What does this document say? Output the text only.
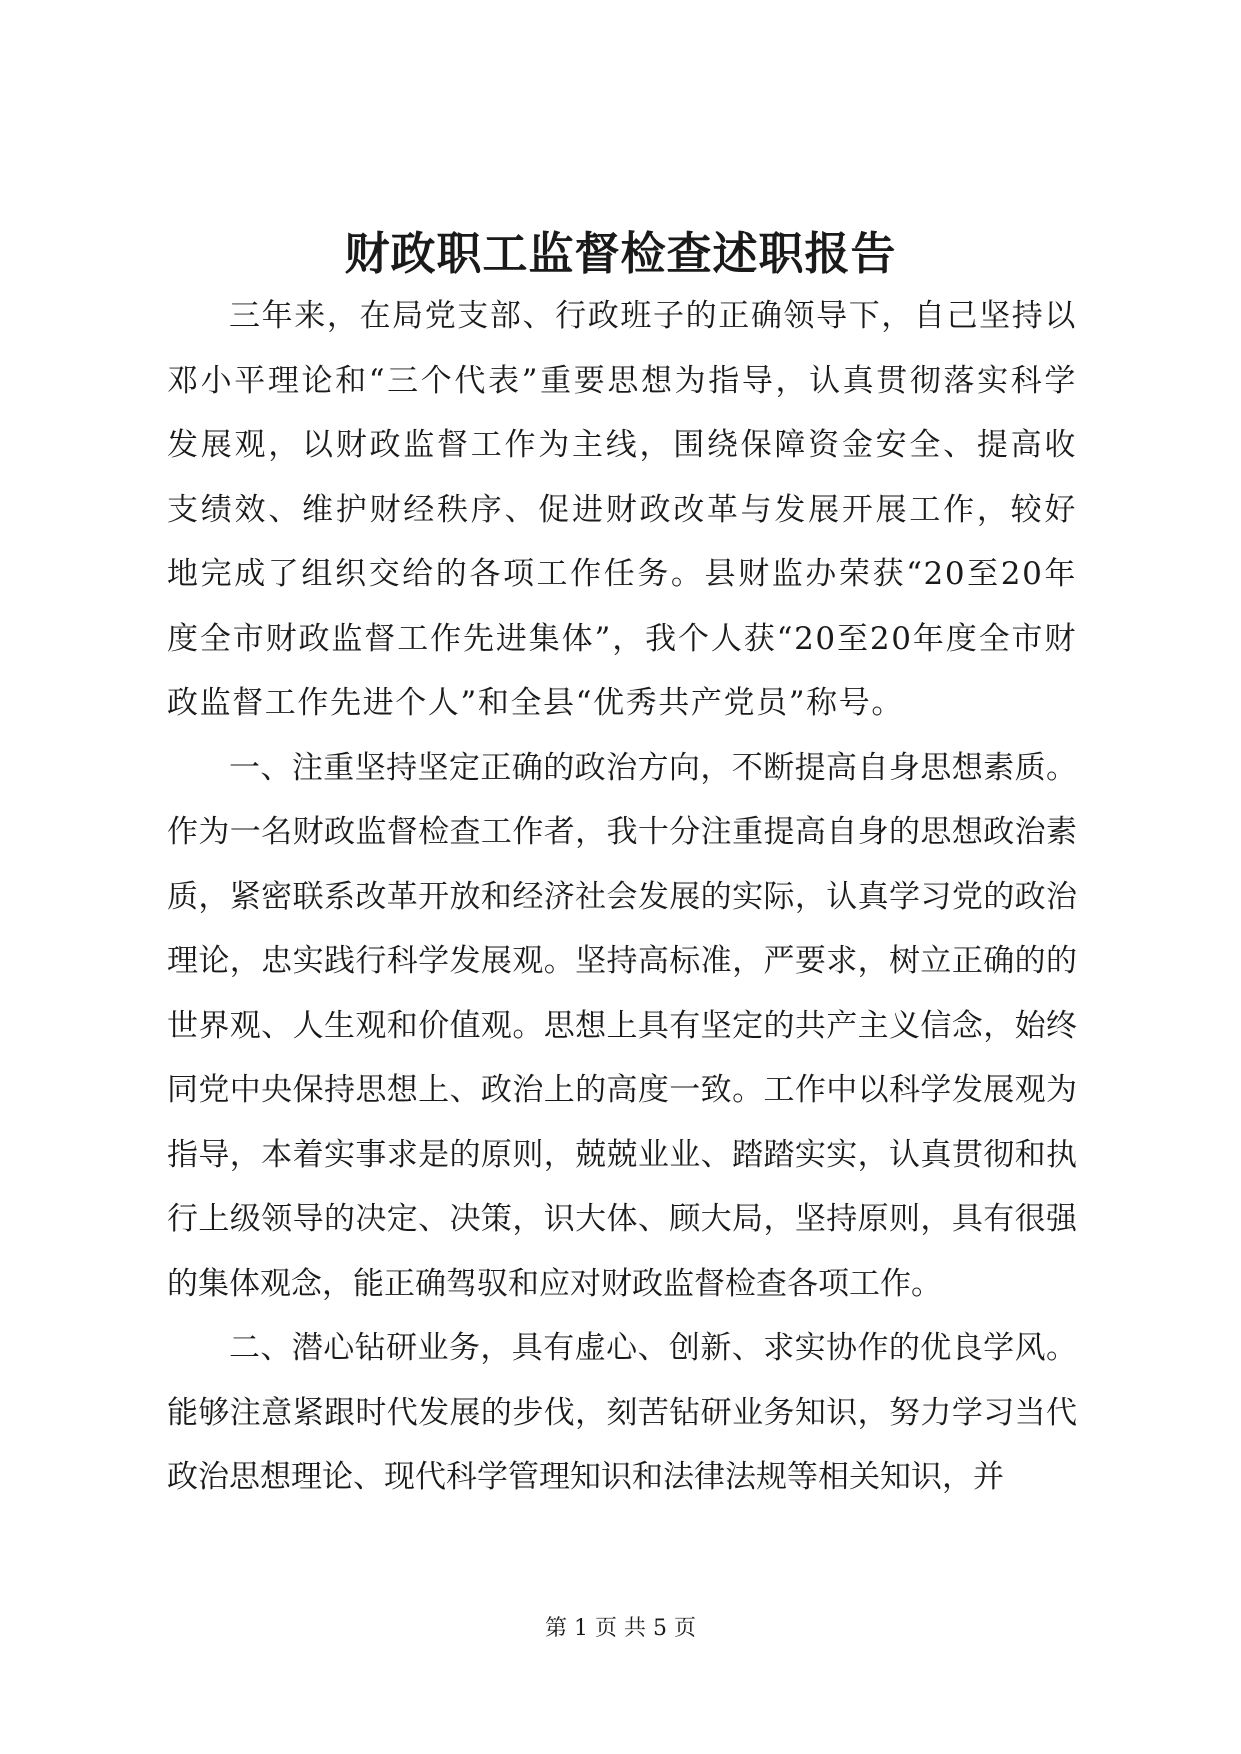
财政职工监督检查述职报告

三年来，在局党支部、行政班子的正确领导下，自己坚持以邓小平理论和“三个代表”重要思想为指导，认真贯彻落实科学发展观，以财政监督工作为主线，围绕保障资金安全、提高收支绩效、维护财经秩序、促进财政改革与发展开展工作，较好地完成了组织交给的各项工作任务。县财监办荣获“20至20年度全市财政监督工作先进集体”，我个人获“20至20年度全市财政监督工作先进个人”和全县“优秀共产党员”称号。

一、注重坚持坚定正确的政治方向，不断提高自身思想素质。作为一名财政监督检查工作者，我十分注重提高自身的思想政治素质，紧密联系改革开放和经济社会发展的实际，认真学习党的政治理论，忠实践行科学发展观。坚持高标准，严要求，树立正确的的世界观、人生观和价值观。思想上具有坚定的共产主义信念，始终同党中央保持思想上、政治上的高度一致。工作中以科学发展观为指导，本着实事求是的原则，兢兢业业、踏踏实实，认真贯彻和执行上级领导的决定、决策，识大体、顾大局，坚持原则，具有很强的集体观念，能正确驾驭和应对财政监督检查各项工作。

二、潜心钻研业务，具有虚心、创新、求实协作的优良学风。能够注意紧跟时代发展的步伐，刻苦钻研业务知识，努力学习当代政治思想理论、现代科学管理知识和法律法规等相关知识，并

第 1 页 共 5 页
